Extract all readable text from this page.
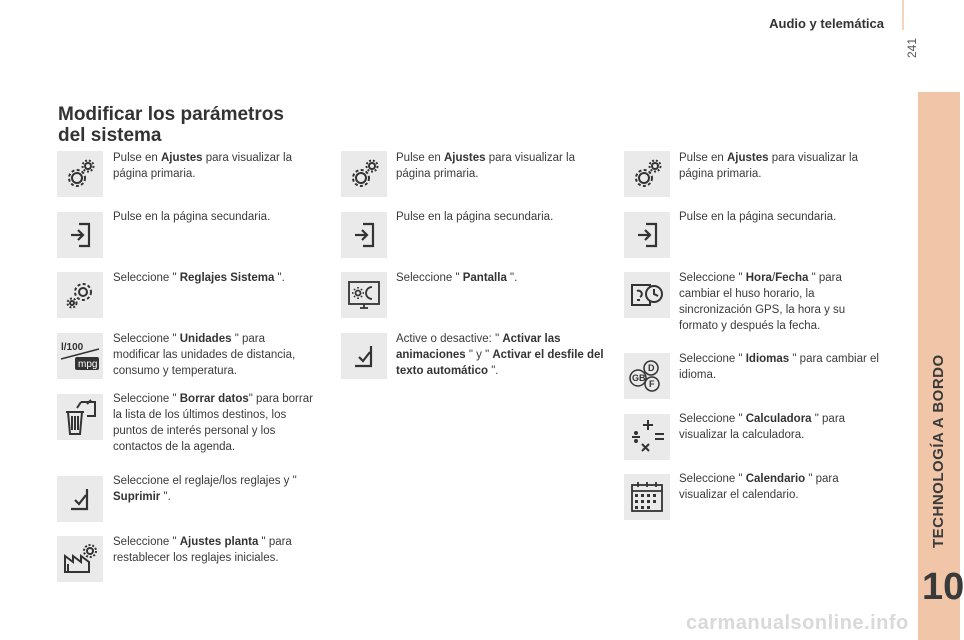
Audio y telemática
241
TECHNOLOGÍA A BORDO
10
Modificar los parámetros
del sistema
Pulse en Ajustes para visualizar la página primaria.
Pulse en la página secundaria.
Seleccione " Reglajes Sistema ".
l/100
mpg
Seleccione " Unidades " para modificar las unidades de distancia, consumo y temperatura.
Seleccione " Borrar datos" para borrar la lista de los últimos destinos, los puntos de interés personal y los contactos de la agenda.
Seleccione el reglaje/los reglajes y " Suprimir ".
Seleccione " Ajustes planta " para restablecer los reglajes iniciales.
Pulse en Ajustes para visualizar la página primaria.
Pulse en la página secundaria.
Seleccione " Pantalla ".
Active o desactive: " Activar las animaciones " y " Activar el desfile del texto automático ".
Pulse en Ajustes para visualizar la página primaria.
Pulse en la página secundaria.
Seleccione " Hora/Fecha " para cambiar el huso horario, la sincronización GPS, la hora y su formato y después la fecha.
D
GB
F
Seleccione " Idiomas " para cambiar el idioma.
Seleccione " Calculadora " para visualizar la calculadora.
Seleccione " Calendario " para visualizar el calendario.
carmanualsonline.info
